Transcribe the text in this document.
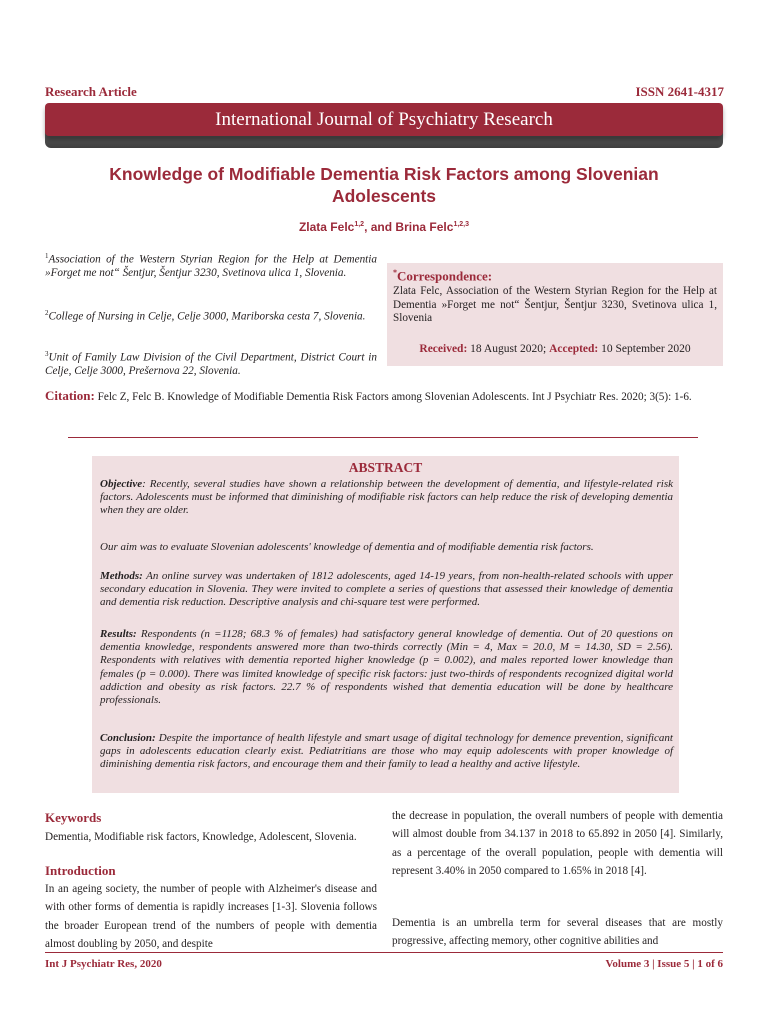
Research Article	ISSN 2641-4317
International Journal of Psychiatry Research
Knowledge of Modifiable Dementia Risk Factors among Slovenian Adolescents
Zlata Felc$^{1,2}$, and Brina Felc$^{1,2,3}$
$^1$Association of the Western Styrian Region for the Help at Dementia »Forget me not“ Šentjur, Šentjur 3230, Svetinova ulica 1, Slovenia.
$^2$College of Nursing in Celje, Celje 3000, Mariborska cesta 7, Slovenia.
$^3$Unit of Family Law Division of the Civil Department, District Court in Celje, Celje 3000, Prešernova 22, Slovenia.
*Correspondence:
Zlata Felc, Association of the Western Styrian Region for the Help at Dementia »Forget me not“ Šentjur, Šentjur 3230, Svetinova ulica 1, Slovenia
Received: 18 August 2020; Accepted: 10 September 2020
Citation: Felc Z, Felc B. Knowledge of Modifiable Dementia Risk Factors among Slovenian Adolescents. Int J Psychiatr Res. 2020; 3(5): 1-6.
ABSTRACT
Objective: Recently, several studies have shown a relationship between the development of dementia, and lifestyle-related risk factors. Adolescents must be informed that diminishing of modifiable risk factors can help reduce the risk of developing dementia when they are older.
Our aim was to evaluate Slovenian adolescents' knowledge of dementia and of modifiable dementia risk factors.
Methods: An online survey was undertaken of 1812 adolescents, aged 14-19 years, from non-health-related schools with upper secondary education in Slovenia. They were invited to complete a series of questions that assessed their knowledge of dementia and dementia risk reduction. Descriptive analysis and chi-square test were performed.
Results: Respondents (n =1128; 68.3 % of females) had satisfactory general knowledge of dementia. Out of 20 questions on dementia knowledge, respondents answered more than two-thirds correctly (Min = 4, Max = 20.0, M = 14.30, SD = 2.56). Respondents with relatives with dementia reported higher knowledge (p = 0.002), and males reported lower knowledge than females (p = 0.000). There was limited knowledge of specific risk factors: just two-thirds of respondents recognized digital world addiction and obesity as risk factors. 22.7 % of respondents wished that dementia education will be done by healthcare professionals.
Conclusion: Despite the importance of health lifestyle and smart usage of digital technology for demence prevention, significant gaps in adolescents education clearly exist. Pediatritians are those who may equip adolescents with proper knowledge of diminishing dementia risk factors, and encourage them and their family to lead a healthy and active lifestyle.
Keywords
Dementia, Modifiable risk factors, Knowledge, Adolescent, Slovenia.
Introduction
In an ageing society, the number of people with Alzheimer's disease and with other forms of dementia is rapidly increases [1-3]. Slovenia follows the broader European trend of the numbers of people with dementia almost doubling by 2050, and despite
the decrease in population, the overall numbers of people with dementia will almost double from 34.137 in 2018 to 65.892 in 2050 [4]. Similarly, as a percentage of the overall population, people with dementia will represent 3.40% in 2050 compared to 1.65% in 2018 [4].
Dementia is an umbrella term for several diseases that are mostly progressive, affecting memory, other cognitive abilities and
Int J Psychiatr Res, 2020	Volume 3 | Issue 5 | 1 of 6
